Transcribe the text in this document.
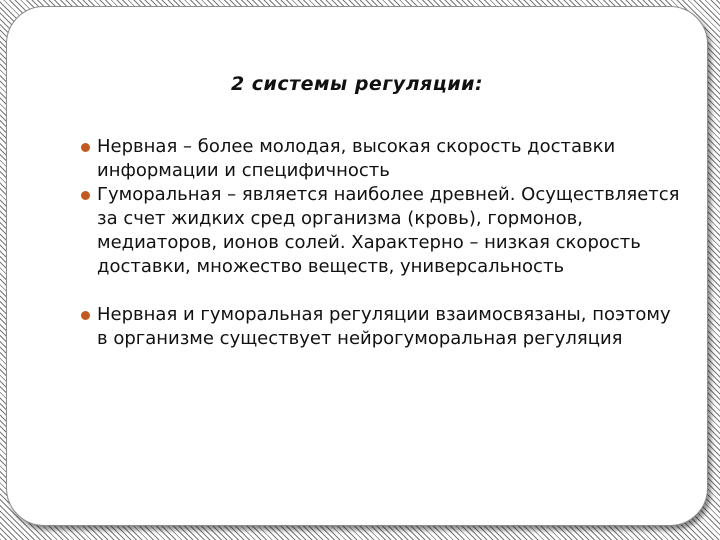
2 системы регуляции:
Нервная – более молодая, высокая скорость доставки информации и специфичность
Гуморальная – является наиболее древней. Осуществляется за счет жидких сред организма (кровь), гормонов, медиаторов, ионов солей. Характерно – низкая скорость доставки, множество веществ, универсальность
Нервная и гуморальная регуляции взаимосвязаны, поэтому в организме существует нейрогуморальная регуляция
